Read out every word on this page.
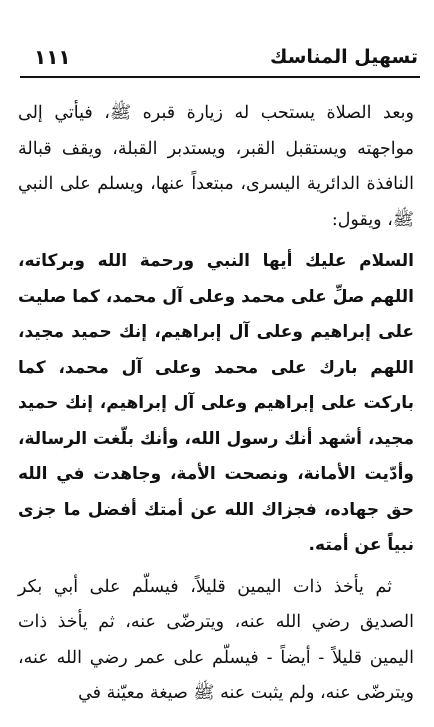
تسهيل المناسك
١١١

وبعد الصلاة يستحب له زيارة قبره ﷺ، فيأتي إلى مواجهته ويستقبل القبر، ويستدبر القبلة، ويقف قبالة النافذة الدائرية اليسرى، مبتعداً عنها، ويسلم على النبي ﷺ، ويقول:

السلام عليك أيها النبي ورحمة الله وبركاته، اللهم صلِّ على محمد وعلى آل محمد، كما صليت على إبراهيم وعلى آل إبراهيم، إنك حميد مجيد، اللهم بارك على محمد وعلى آل محمد، كما باركت على إبراهيم وعلى آل إبراهيم، إنك حميد مجيد، أشهد أنك رسول الله، وأنك بلّغت الرسالة، وأدّيت الأمانة، ونصحت الأمة، وجاهدت في الله حق جهاده، فجزاك الله عن أمتك أفضل ما جزى نبياً عن أمته.

ثم يأخذ ذات اليمين قليلاً، فيسلّم على أبي بكر الصديق رضي الله عنه، ويترضّى عنه، ثم يأخذ ذات اليمين قليلاً - أيضاً - فيسلّم على عمر رضي الله عنه، ويترضّى عنه، ولم يثبت عنه ﷺ صيغة معيّنة في
